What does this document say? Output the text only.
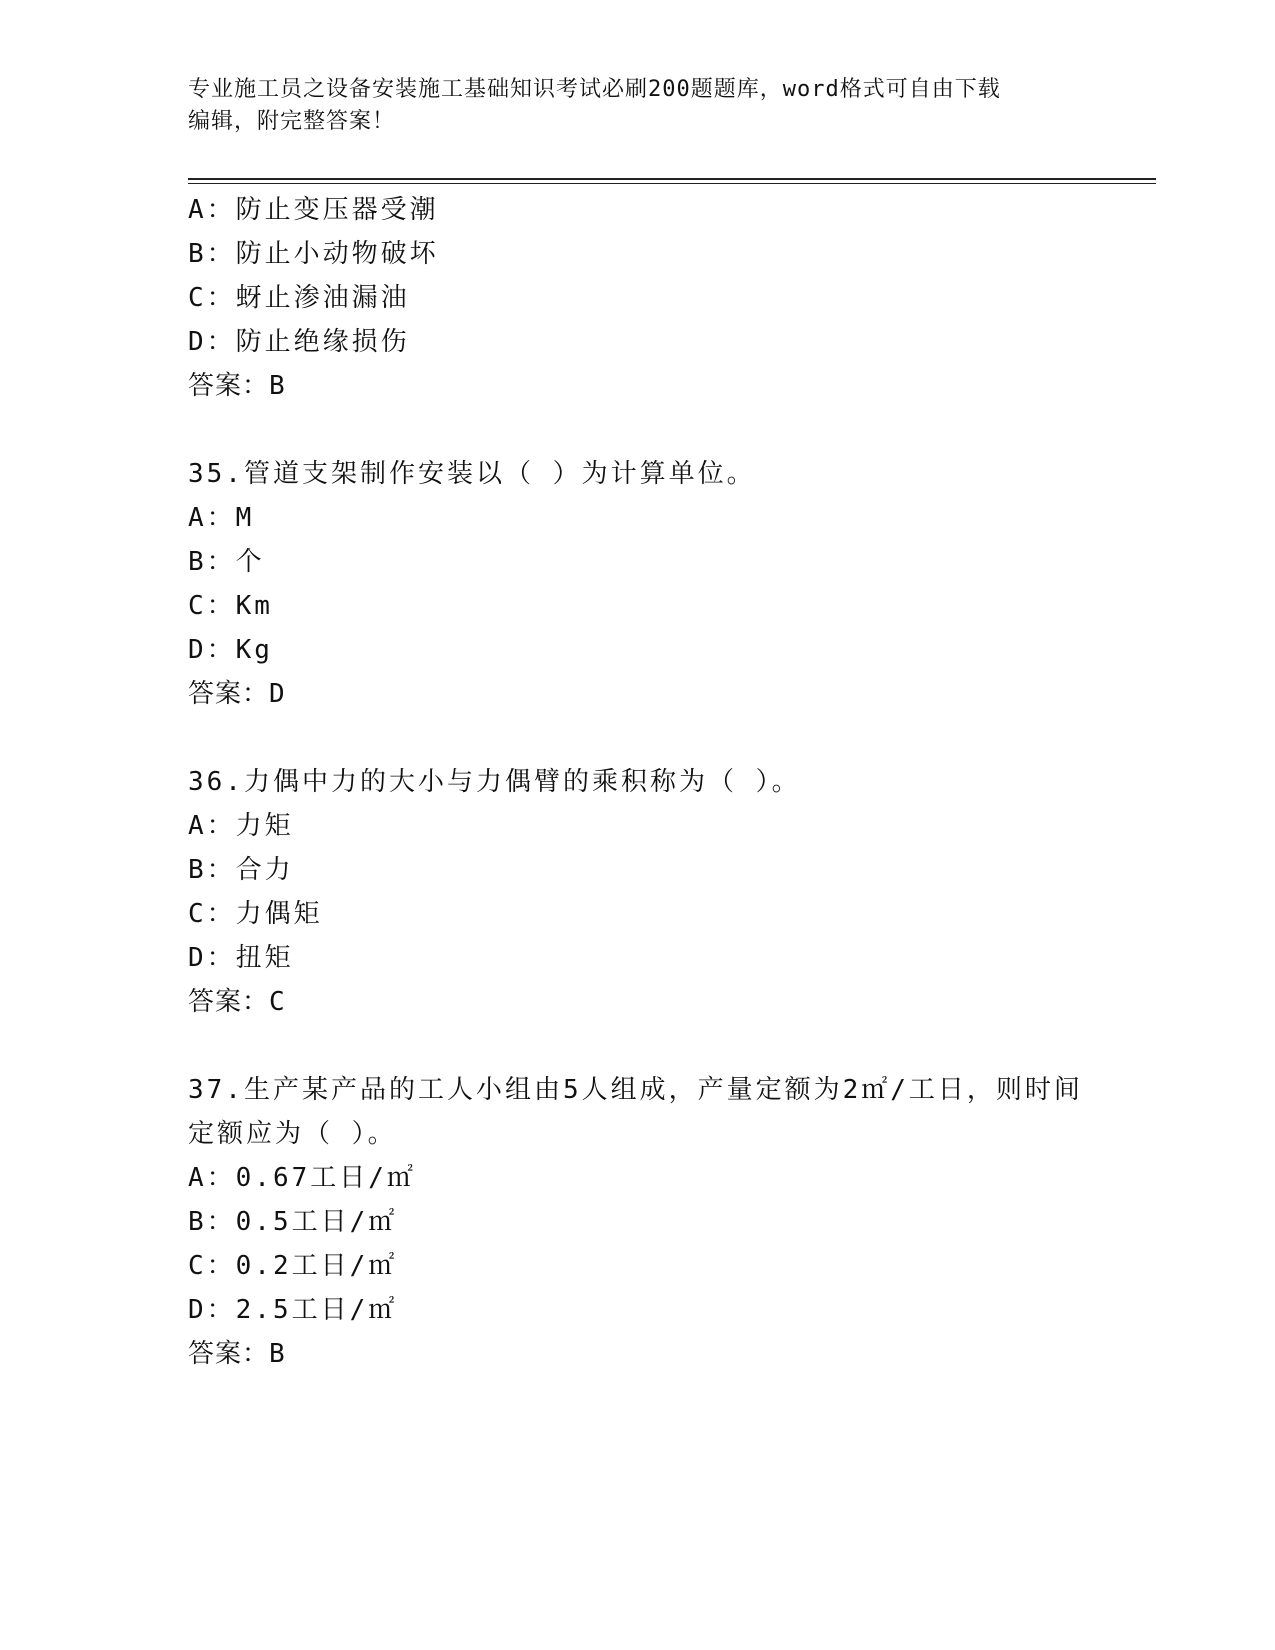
专业施工员之设备安装施工基础知识考试必刷200题题库，word格式可自由下载
编辑，附完整答案！
A：防止变压器受潮
B：防止小动物破坏
C：蚜止渗油漏油
D：防止绝缘损伤
答案：B
35.管道支架制作安装以（ ）为计算单位。
A：M
B：个
C：Km
D：Kg
答案：D
36.力偶中力的大小与力偶臂的乘积称为（ ）。
A：力矩
B：合力
C：力偶矩
D：扭矩
答案：C
37.生产某产品的工人小组由5人组成，产量定额为2㎡/工日，则时间
定额应为（ ）。
A：0.67工日/㎡
B：0.5工日/㎡
C：0.2工日/㎡
D：2.5工日/㎡
答案：B
